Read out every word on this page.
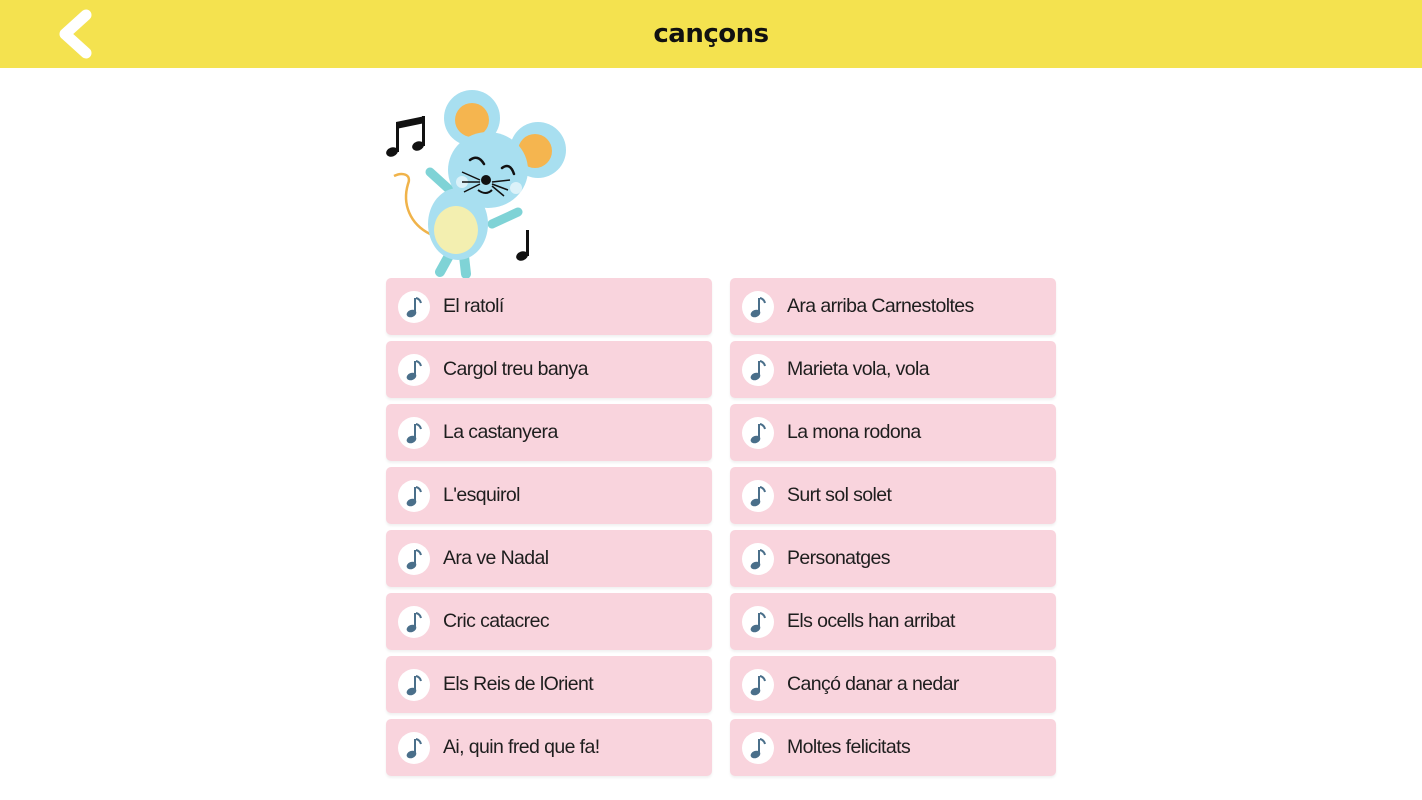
cançons
El ratolí	Ara arriba Carnestoltes
Cargol treu banya	Marieta vola, vola
La castanyera	La mona rodona
L'esquirol	Surt sol solet
Ara ve Nadal	Personatges
Cric catacrec	Els ocells han arribat
Els Reis de lOrient	Cançó danar a nedar
Ai, quin fred que fa!	Moltes felicitats
